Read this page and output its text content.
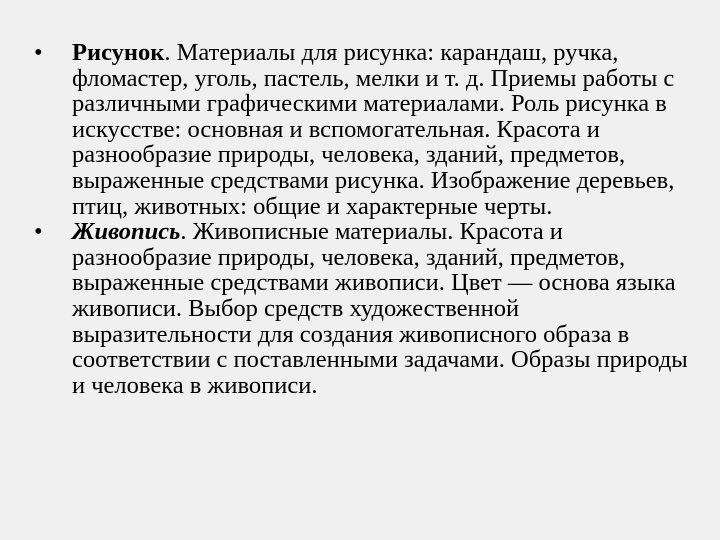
•	Рисунок. Материалы для рисунка: карандаш, ручка, фломастер, уголь, пастель, мелки и т. д. Приемы работы с различными графическими материалами. Роль рисунка в искусстве: основная и вспомогательная. Красота и разнообразие природы, человека, зданий, предметов, выраженные средствами рисунка. Изображение деревьев, птиц, животных: общие и характерные черты.
•	Живопись. Живописные материалы. Красота и разнообразие природы, человека, зданий, предметов, выраженные средствами живописи. Цвет — основа языка живописи. Выбор средств художественной выразительности для создания живописного образа в соответствии с поставленными задачами. Образы природы и человека в живописи.
